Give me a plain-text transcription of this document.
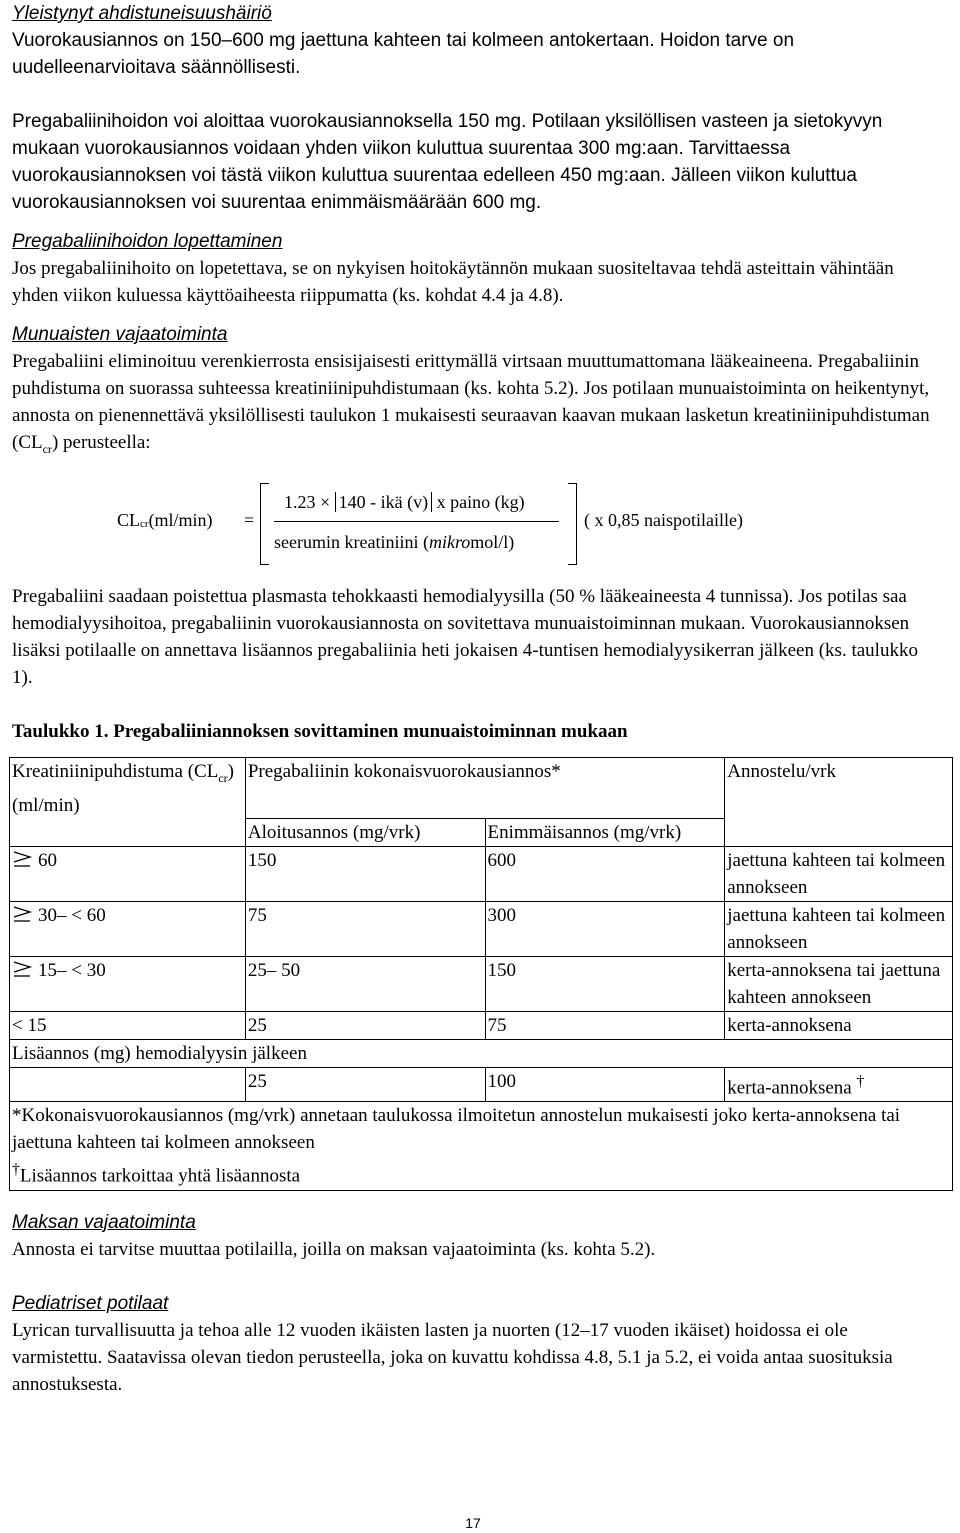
Yleistynyt ahdistuneisuushäiriö

Vuorokausiannos on 150–600 mg jaettuna kahteen tai kolmeen antokertaan. Hoidon tarve on uudelleenarvioitava säännöllisesti.

Pregabaliinihoidon voi aloittaa vuorokausiannoksella 150 mg. Potilaan yksilöllisen vasteen ja sietokyvyn mukaan vuorokausiannos voidaan yhden viikon kuluttua suurentaa 300 mg:aan. Tarvittaessa vuorokausiannoksen voi tästä viikon kuluttua suurentaa edelleen 450 mg:aan. Jälleen viikon kuluttua vuorokausiannoksen voi suurentaa enimmäismäärään 600 mg.

Pregabaliinihoidon lopettaminen

Jos pregabaliinihoito on lopetettava, se on nykyisen hoitokäytännön mukaan suositeltavaa tehdä asteittain vähintään yhden viikon kuluessa käyttöaiheesta riippumatta (ks. kohdat 4.4 ja 4.8).

Munuaisten vajaatoiminta

Pregabaliini eliminoituu verenkierrosta ensisijaisesti erittymällä virtsaan muuttumattomana lääkeaineena. Pregabaliinin puhdistuma on suorassa suhteessa kreatiniinipuhdistumaan (ks. kohta 5.2). Jos potilaan munuaistoiminta on heikentynyt, annosta on pienennettävä yksilöllisesti taulukon 1 mukaisesti seuraavan kaavan mukaan lasketun kreatiniinipuhdistuman $(CL_{cr})$ perusteella:

$CL_{cr}(ml/\min)$ =
1.23 × 140 - ikä (v) x paino (kg)
seerumin kreatiniini (mikromol/l)
( x 0,85 naispotilaille)

Pregabaliini saadaan poistettua plasmasta tehokkaasti hemodialyysilla (50 % lääkeaineesta 4 tunnissa). Jos potilas saa hemodialyysihoitoa, pregabaliinin vuorokausiannosta on sovitettava munuaistoiminnan mukaan. Vuorokausiannoksen lisäksi potilaalle on annettava lisäannos pregabaliinia heti jokaisen 4-tuntisen hemodialyysikerran jälkeen (ks. taulukko 1).

Taulukko 1. Pregabaliiniannoksen sovittaminen munuaistoiminnan mukaan

Kreatiniinipuhdistuma $(CL_{cr})$ (ml/min)	Pregabaliinin kokonaisvuorokausiannos*		Annostelu/vrk
	Aloitusannos (mg/vrk)	Enimmäisannos (mg/vrk)	

60	150	600	jaettuna kahteen tai kolmeen annokseen

30– < 60	75	300	jaettuna kahteen tai kolmeen annokseen

15– < 30	25– 50	150	kerta-annoksena tai jaettuna kahteen annokseen
< 15	25	75	kerta-annoksena
Lisäannos (mg) hemodialyysin jälkeen			
	25	100	kerta-annoksena †

*Kokonaisvuorokausiannos (mg/vrk) annetaan taulukossa ilmoitetun annostelun mukaisesti joko kerta-annoksena tai jaettuna kahteen tai kolmeen annokseen
†Lisäannos tarkoittaa yhtä lisäannosta			

Maksan vajaatoiminta

Annosta ei tarvitse muuttaa potilailla, joilla on maksan vajaatoiminta (ks. kohta 5.2).

Pediatriset potilaat

Lyrican turvallisuutta ja tehoa alle 12 vuoden ikäisten lasten ja nuorten (12–17 vuoden ikäiset) hoidossa ei ole varmistettu. Saatavissa olevan tiedon perusteella, joka on kuvattu kohdissa 4.8, 5.1 ja 5.2, ei voida antaa suosituksia annostuksesta.

17
